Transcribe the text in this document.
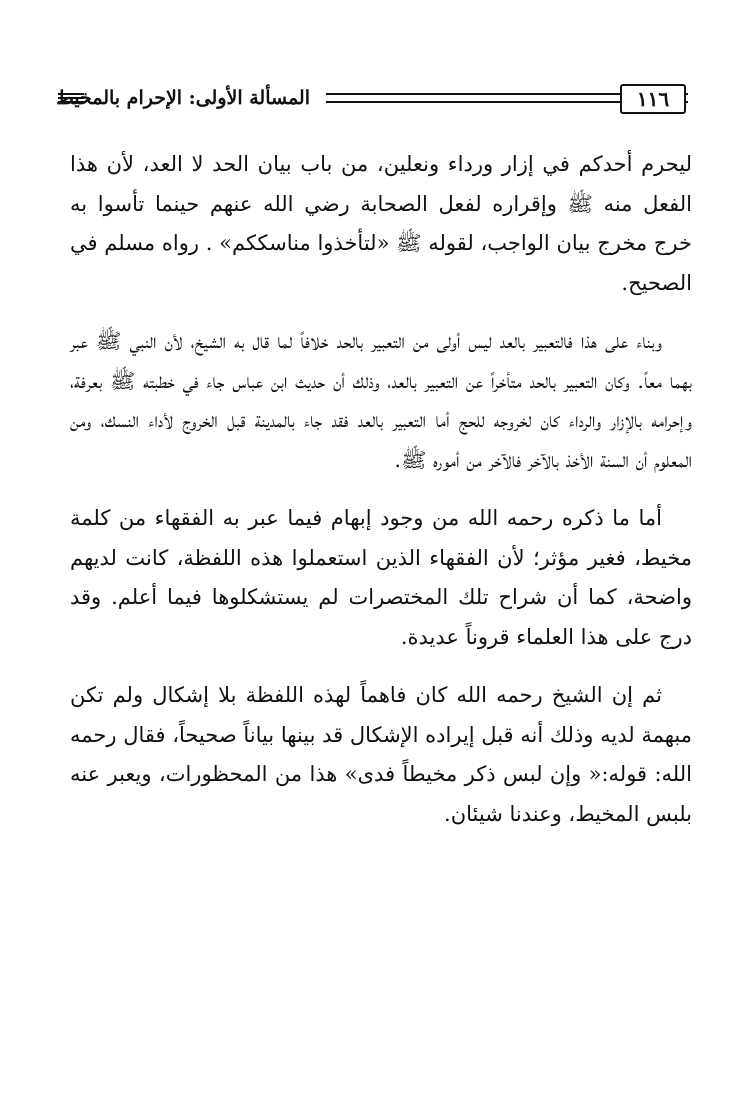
المسألة الأولى: الإحرام بالمخيط	١١٦

ليحرم أحدكم في إزار ورداء ونعلين، من باب بيان الحد لا العد، لأن هذا الفعل منه ﷺ وإقراره لفعل الصحابة رضي الله عنهم حينما تأسوا به خرج مخرج بيان الواجب، لقوله ﷺ «لتأخذوا مناسككم» . رواه مسلم في الصحيح.

وبناء على هذا فالتعبير بالعد ليس أولى من التعبير بالحد خلافاً لما قال به الشيخ، لأن النبي ﷺ عبر بهما معاً. وكان التعبير بالحد متأخراً عن التعبير بالعد، وذلك أن حديث ابن عباس جاء في خطبته ﷺ بعرفة، وإحرامه بالإزار والرداء كان لخروجه للحج أما التعبير بالعد فقد جاء بالمدينة قبل الخروج لأداء النسك، ومن المعلوم أن السنة الأخذ بالآخر فالآخر من أموره ﷺ.

أما ما ذكره رحمه الله من وجود إبهام فيما عبر به الفقهاء من كلمة مخيط، فغير مؤثر؛ لأن الفقهاء الذين استعملوا هذه اللفظة، كانت لديهم واضحة، كما أن شراح تلك المختصرات لم يستشكلوها فيما أعلم. وقد درج على هذا العلماء قروناً عديدة.

ثم إن الشيخ رحمه الله كان فاهماً لهذه اللفظة بلا إشكال ولم تكن مبهمة لديه وذلك أنه قبل إيراده الإشكال قد بينها بياناً صحيحاً، فقال رحمه الله: قوله:« وإن لبس ذكر مخيطاً فدى» هذا من المحظورات، ويعبر عنه بلبس المخيط، وعندنا شيئان.
